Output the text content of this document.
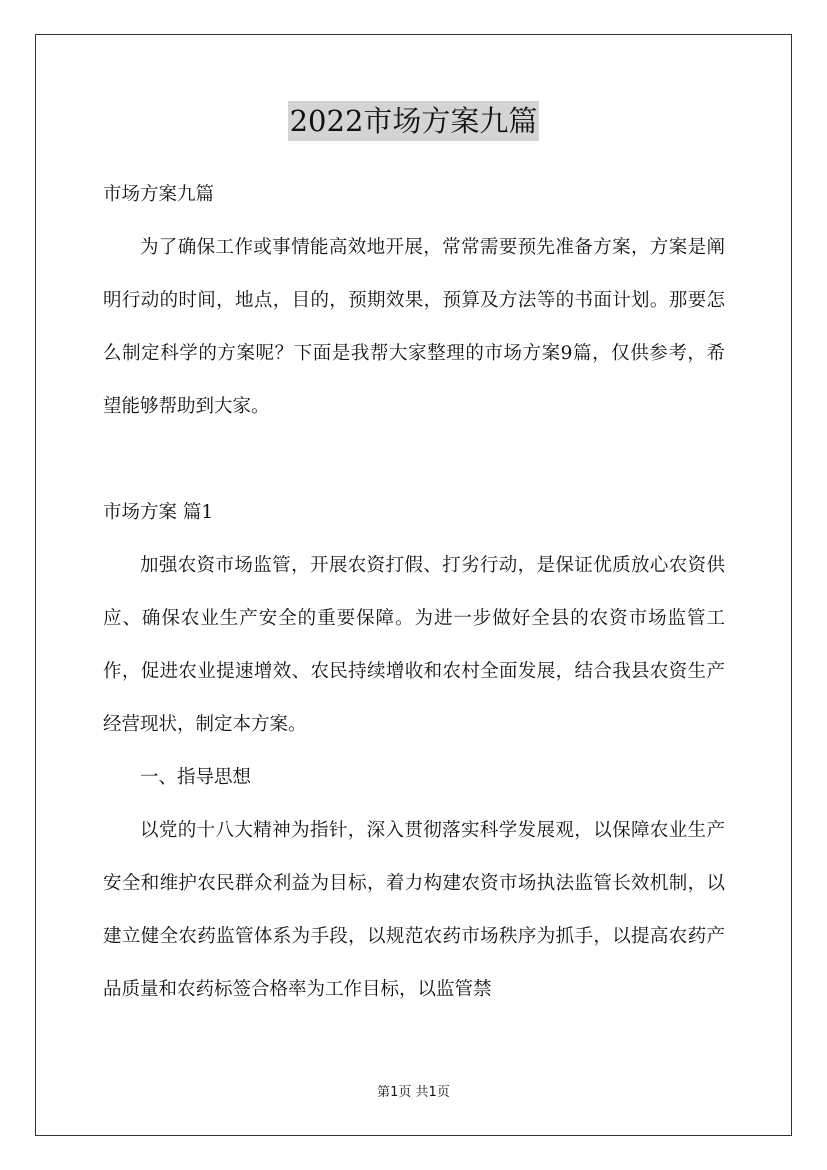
2022市场方案九篇

市场方案九篇

为了确保工作或事情能高效地开展，常常需要预先准备方案，方案是阐明行动的时间，地点，目的，预期效果，预算及方法等的书面计划。那要怎么制定科学的方案呢？下面是我帮大家整理的市场方案9篇，仅供参考，希望能够帮助到大家。

市场方案 篇1

加强农资市场监管，开展农资打假、打劣行动，是保证优质放心农资供应、确保农业生产安全的重要保障。为进一步做好全县的农资市场监管工作，促进农业提速增效、农民持续增收和农村全面发展，结合我县农资生产经营现状，制定本方案。

一、指导思想

以党的十八大精神为指针，深入贯彻落实科学发展观，以保障农业生产安全和维护农民群众利益为目标，着力构建农资市场执法监管长效机制，以建立健全农药监管体系为手段，以规范农药市场秩序为抓手，以提高农药产品质量和农药标签合格率为工作目标，以监管禁

第1页 共1页
